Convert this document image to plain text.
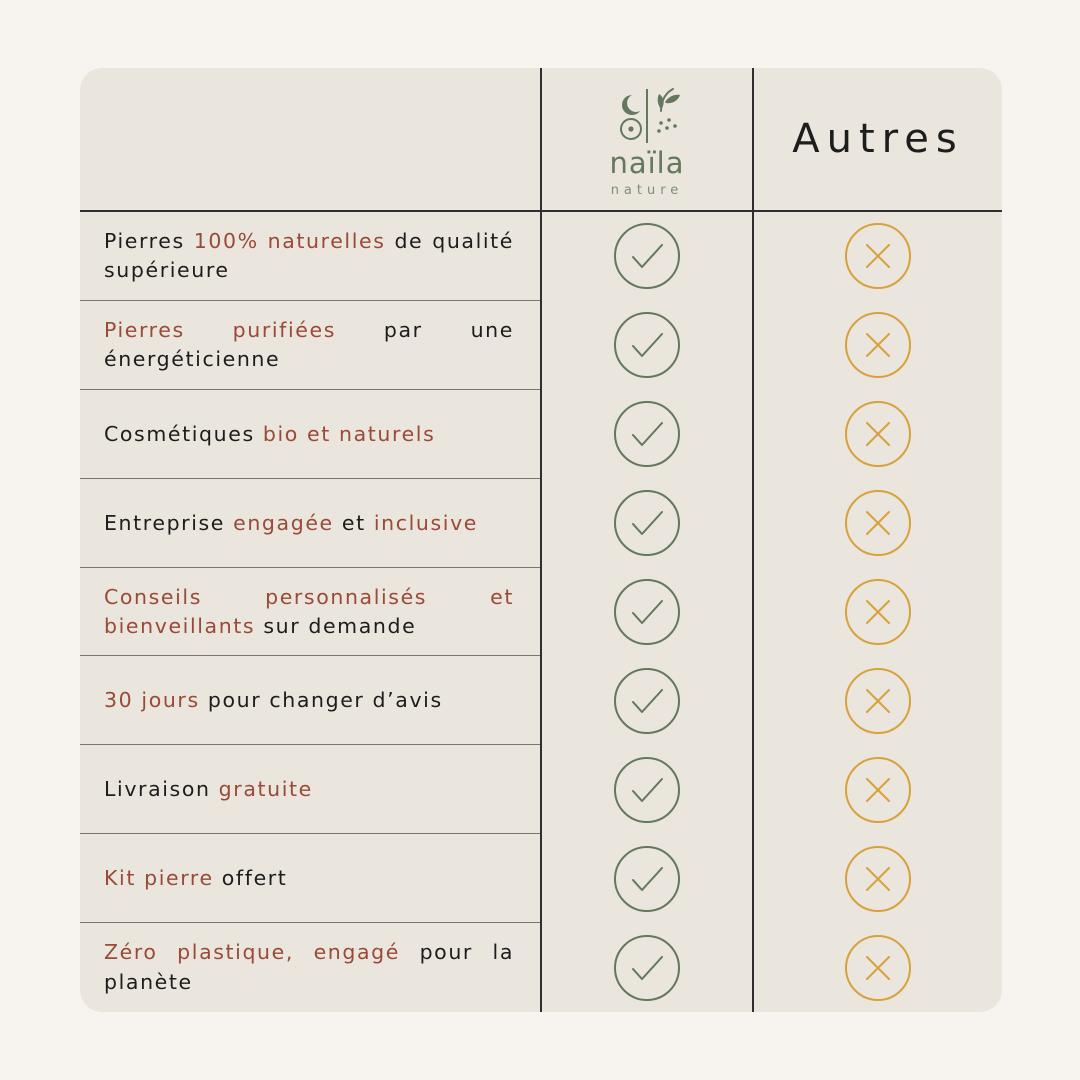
naïla
nature
Autres
Pierres 100% naturelles de qualité supérieure
Pierres purifiées par une énergéticienne
Cosmétiques bio et naturels
Entreprise engagée et inclusive
Conseils personnalisés et bienveillants sur demande
30 jours pour changer d’avis
Livraison gratuite
Kit pierre offert
Zéro plastique, engagé pour la planète
